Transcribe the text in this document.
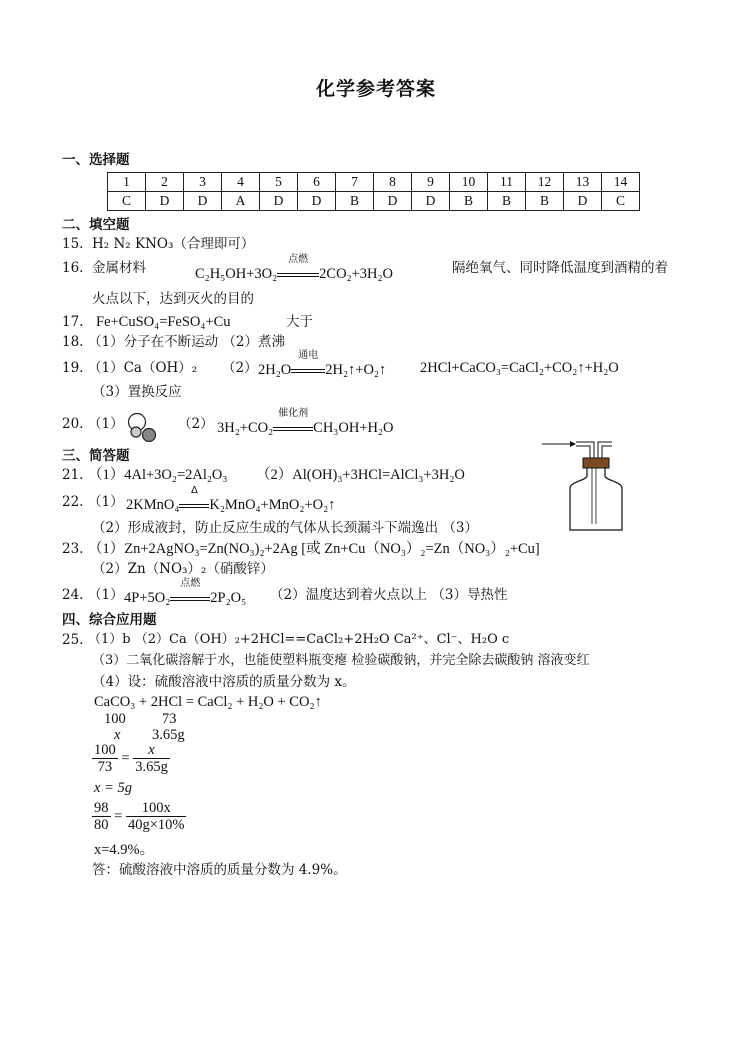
化学参考答案
一、选择题
1	2	3	4	5	6	7	8	9	10	11	12	13	14
C	D	D	A	D	D	B	D	D	B	B	B	D	C
二、填空题
15. H₂ N₂ KNO₃（合理即可）
16. 金属材料	C₂H₅OH+3O₂
点燃
2CO₂+3H₂O	隔绝氧气、同时降低温度到酒精的着
火点以下，达到灭火的目的
17. Fe+CuSO₄=FeSO₄+Cu	大于
18. （1）分子在不断运动 （2）煮沸
19. （1）Ca（OH）₂ （2） 2H₂O
通电
2H₂↑+O₂↑ 2HCl+CaCO₃=CaCl₂+CO₂↑+H₂O
（3）置换反应
20. （1）	（2） 3H₂+CO₂
催化剂
CH₃OH+H₂O
三、简答题
21. （1）4Al+3O₂=2Al₂O₃ （2）Al(OH)₃+3HCl=AlCl₃+3H₂O
22. （1） 2KMnO₄
Δ
K₂MnO₄+MnO₂+O₂↑
（2）形成液封，防止反应生成的气体从长颈漏斗下端逸出 （3）
23. （1）Zn+2AgNO₃=Zn(NO₃)₂+2Ag [或 Zn+Cu（NO₃）₂=Zn（NO₃）₂+Cu]
（2）Zn（NO₃）₂（硝酸锌）
24. （1） 4P+5O₂
点燃
2P₂O₅ （2）温度达到着火点以上 （3）导热性
四、综合应用题
25. （1）b （2）Ca（OH）₂+2HCl==CaCl₂+2H₂O Ca²⁺、Cl⁻、H₂O c
（3）二氧化碳溶解于水，也能使塑料瓶变瘪 检验碳酸钠，并完全除去碳酸钠 溶液变红
（4）设：硫酸溶液中溶质的质量分数为 x。
CaCO₃ + 2HCl = CaCl₂ + H₂O + CO₂↑
100	73
x 3.65g
$\frac{100}{73} = \frac{x}{3.65g}$
x = 5g
$\frac{98}{80} = \frac{100x}{40g\times 10\%}$
x=4.9%。
答：硫酸溶液中溶质的质量分数为 4.9%。
